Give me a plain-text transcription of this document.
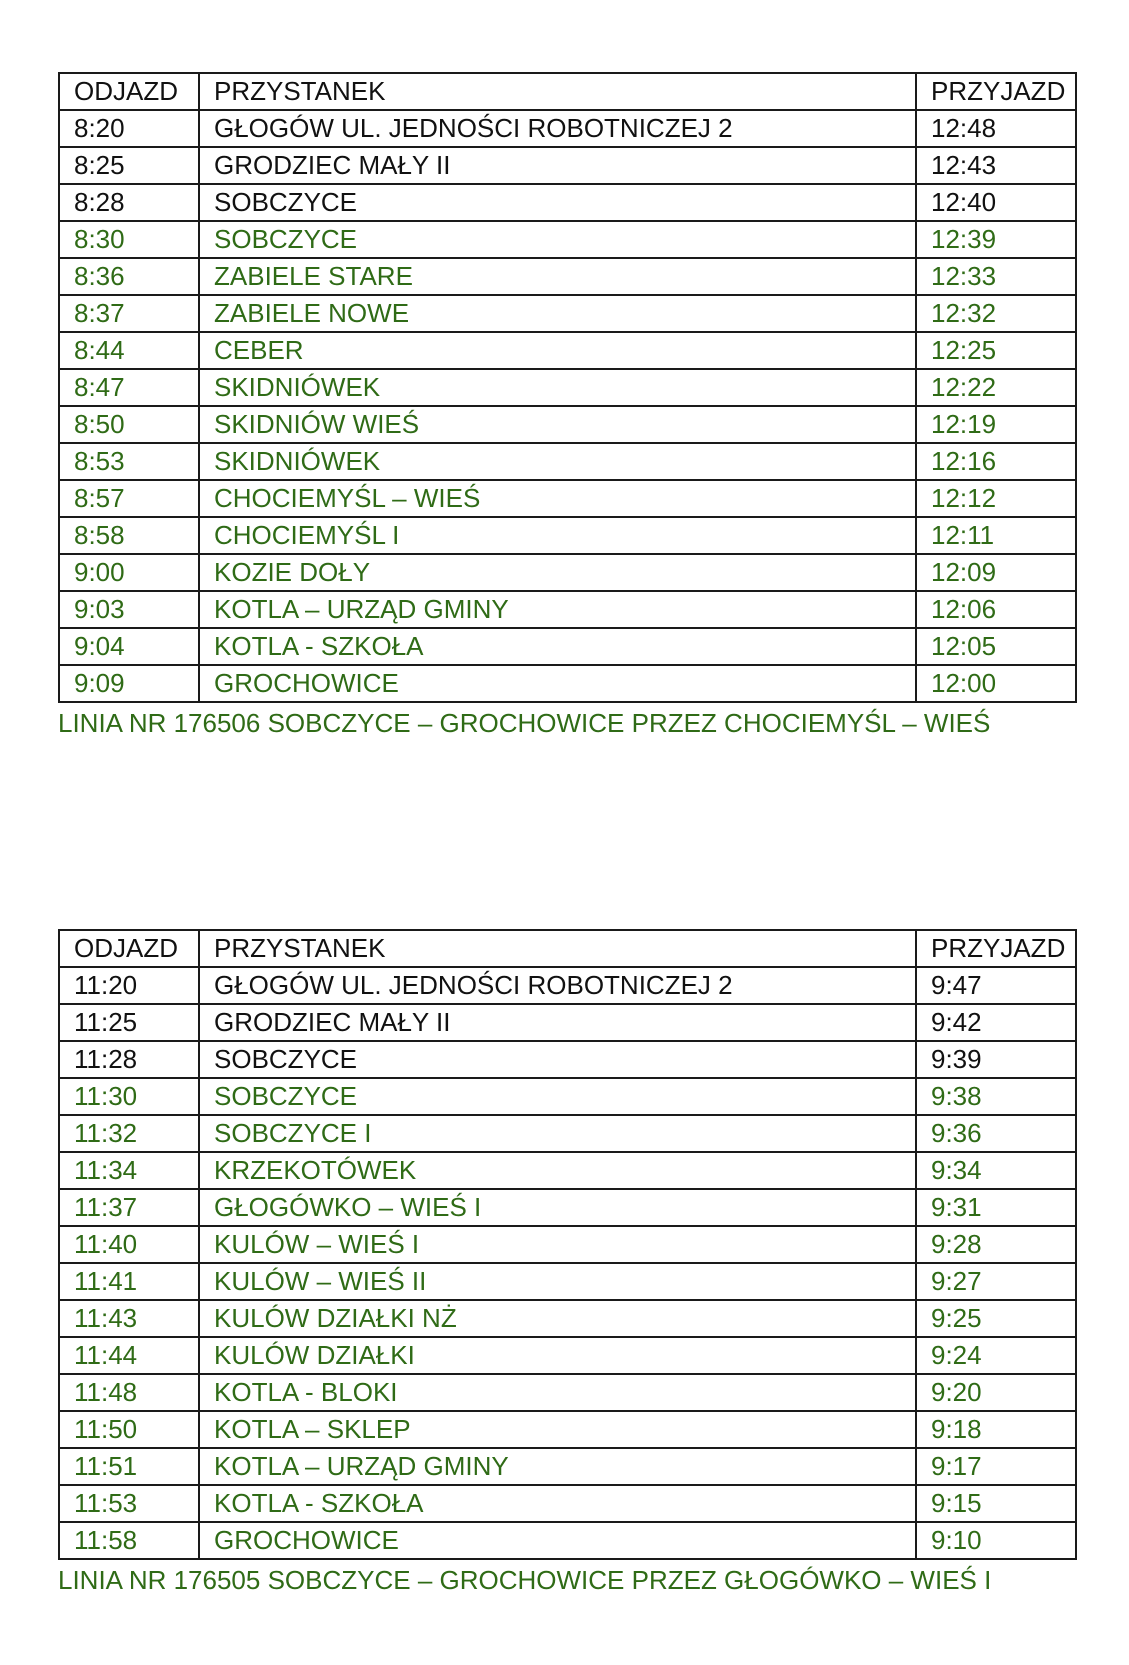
ODJAZD	PRZYSTANEK	PRZYJAZD
8:20	GŁOGÓW UL. JEDNOŚCI ROBOTNICZEJ 2	12:48
8:25	GRODZIEC MAŁY II	12:43
8:28	SOBCZYCE	12:40
8:30	SOBCZYCE	12:39
8:36	ZABIELE STARE	12:33
8:37	ZABIELE NOWE	12:32
8:44	CEBER	12:25
8:47	SKIDNIÓWEK	12:22
8:50	SKIDNIÓW WIEŚ	12:19
8:53	SKIDNIÓWEK	12:16
8:57	CHOCIEMYŚL – WIEŚ	12:12
8:58	CHOCIEMYŚL I	12:11
9:00	KOZIE DOŁY	12:09
9:03	KOTLA – URZĄD GMINY	12:06
9:04	KOTLA - SZKOŁA	12:05
9:09	GROCHOWICE	12:00
LINIA NR 176506 SOBCZYCE – GROCHOWICE PRZEZ CHOCIEMYŚL – WIEŚ
ODJAZD	PRZYSTANEK	PRZYJAZD
11:20	GŁOGÓW UL. JEDNOŚCI ROBOTNICZEJ 2	9:47
11:25	GRODZIEC MAŁY II	9:42
11:28	SOBCZYCE	9:39
11:30	SOBCZYCE	9:38
11:32	SOBCZYCE I	9:36
11:34	KRZEKOTÓWEK	9:34
11:37	GŁOGÓWKO – WIEŚ I	9:31
11:40	KULÓW – WIEŚ I	9:28
11:41	KULÓW – WIEŚ II	9:27
11:43	KULÓW DZIAŁKI NŻ	9:25
11:44	KULÓW DZIAŁKI	9:24
11:48	KOTLA - BLOKI	9:20
11:50	KOTLA – SKLEP	9:18
11:51	KOTLA – URZĄD GMINY	9:17
11:53	KOTLA - SZKOŁA	9:15
11:58	GROCHOWICE	9:10
LINIA NR 176505 SOBCZYCE – GROCHOWICE PRZEZ GŁOGÓWKO – WIEŚ I
